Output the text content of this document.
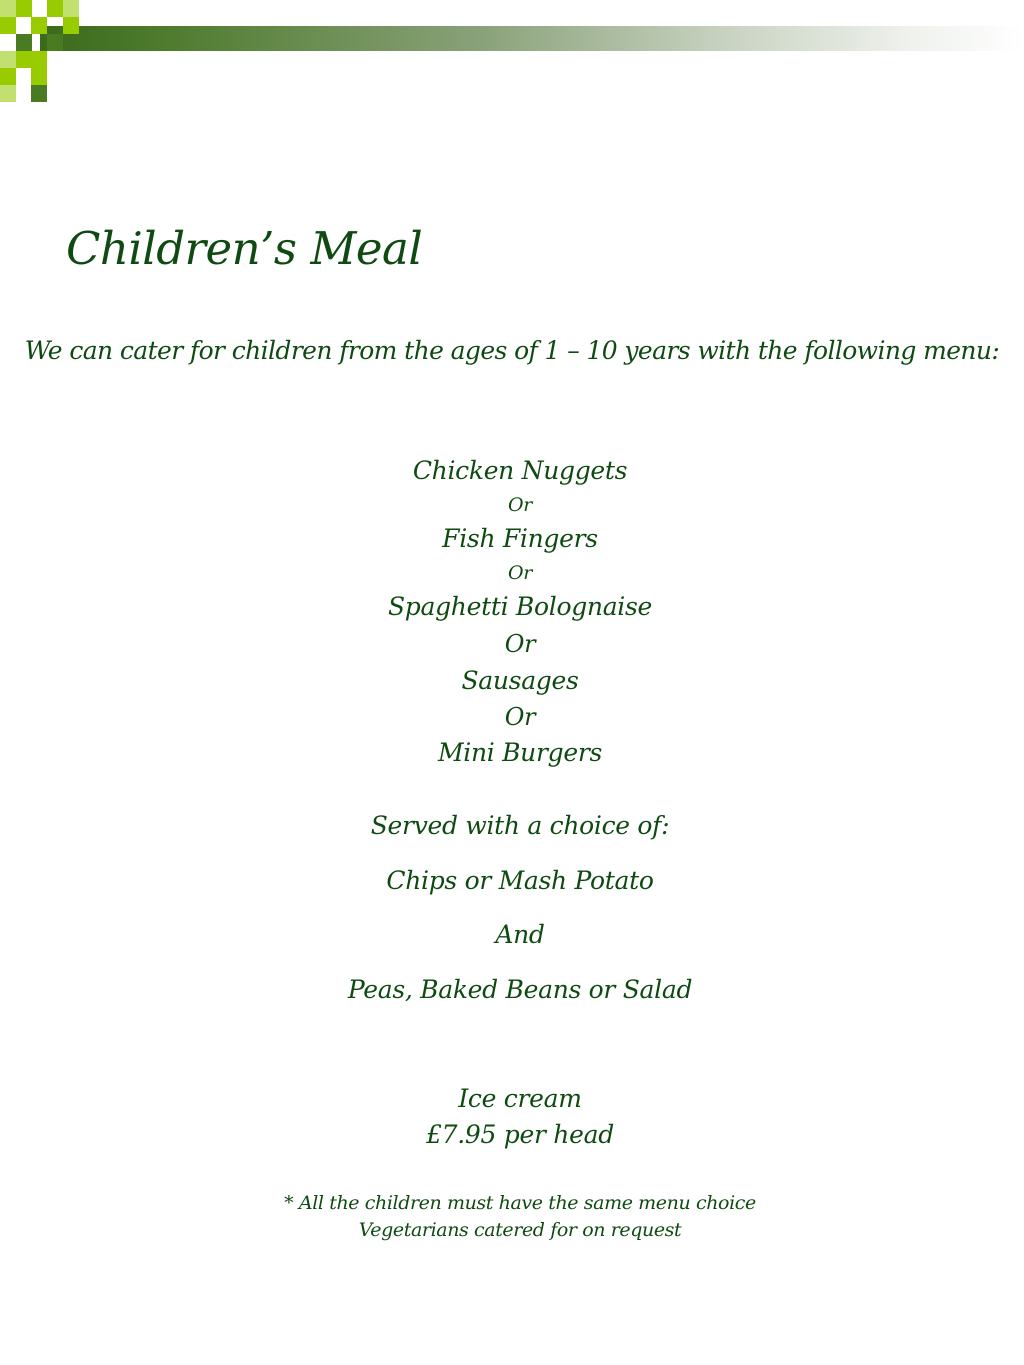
Children’s Meal
We can cater for children from the ages of 1 – 10 years with the following menu:
Chicken Nuggets
Or
Fish Fingers
Or
Spaghetti Bolognaise
Or
Sausages
Or
Mini Burgers
Served with a choice of:
Chips or Mash Potato
And
Peas, Baked Beans or Salad
Ice cream
£7.95 per head
* All the children must have the same menu choice
Vegetarians catered for on request
